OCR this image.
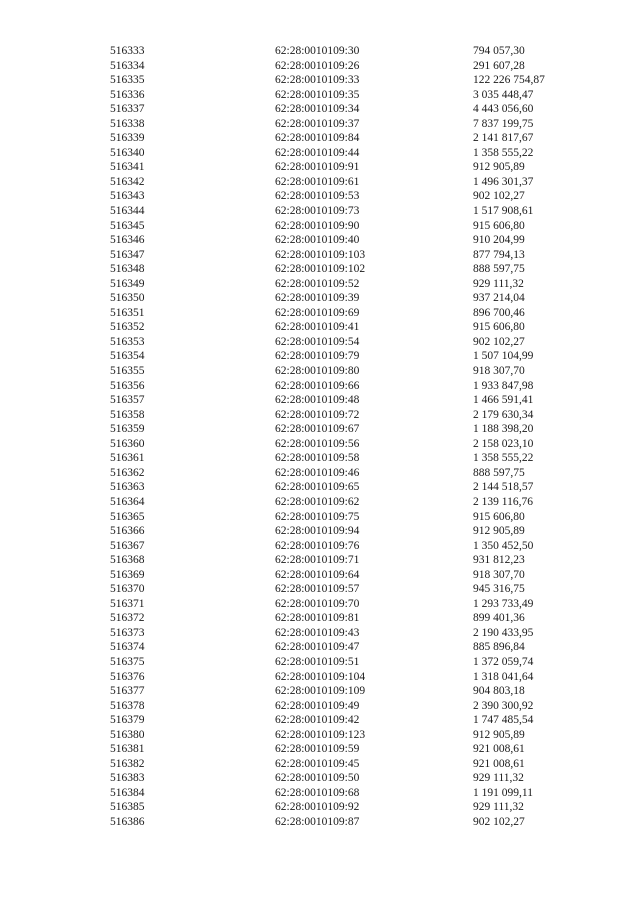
516333	62:28:0010109:30	794 057,30
516334	62:28:0010109:26	291 607,28
516335	62:28:0010109:33	122 226 754,87
516336	62:28:0010109:35	3 035 448,47
516337	62:28:0010109:34	4 443 056,60
516338	62:28:0010109:37	7 837 199,75
516339	62:28:0010109:84	2 141 817,67
516340	62:28:0010109:44	1 358 555,22
516341	62:28:0010109:91	912 905,89
516342	62:28:0010109:61	1 496 301,37
516343	62:28:0010109:53	902 102,27
516344	62:28:0010109:73	1 517 908,61
516345	62:28:0010109:90	915 606,80
516346	62:28:0010109:40	910 204,99
516347	62:28:0010109:103	877 794,13
516348	62:28:0010109:102	888 597,75
516349	62:28:0010109:52	929 111,32
516350	62:28:0010109:39	937 214,04
516351	62:28:0010109:69	896 700,46
516352	62:28:0010109:41	915 606,80
516353	62:28:0010109:54	902 102,27
516354	62:28:0010109:79	1 507 104,99
516355	62:28:0010109:80	918 307,70
516356	62:28:0010109:66	1 933 847,98
516357	62:28:0010109:48	1 466 591,41
516358	62:28:0010109:72	2 179 630,34
516359	62:28:0010109:67	1 188 398,20
516360	62:28:0010109:56	2 158 023,10
516361	62:28:0010109:58	1 358 555,22
516362	62:28:0010109:46	888 597,75
516363	62:28:0010109:65	2 144 518,57
516364	62:28:0010109:62	2 139 116,76
516365	62:28:0010109:75	915 606,80
516366	62:28:0010109:94	912 905,89
516367	62:28:0010109:76	1 350 452,50
516368	62:28:0010109:71	931 812,23
516369	62:28:0010109:64	918 307,70
516370	62:28:0010109:57	945 316,75
516371	62:28:0010109:70	1 293 733,49
516372	62:28:0010109:81	899 401,36
516373	62:28:0010109:43	2 190 433,95
516374	62:28:0010109:47	885 896,84
516375	62:28:0010109:51	1 372 059,74
516376	62:28:0010109:104	1 318 041,64
516377	62:28:0010109:109	904 803,18
516378	62:28:0010109:49	2 390 300,92
516379	62:28:0010109:42	1 747 485,54
516380	62:28:0010109:123	912 905,89
516381	62:28:0010109:59	921 008,61
516382	62:28:0010109:45	921 008,61
516383	62:28:0010109:50	929 111,32
516384	62:28:0010109:68	1 191 099,11
516385	62:28:0010109:92	929 111,32
516386	62:28:0010109:87	902 102,27
